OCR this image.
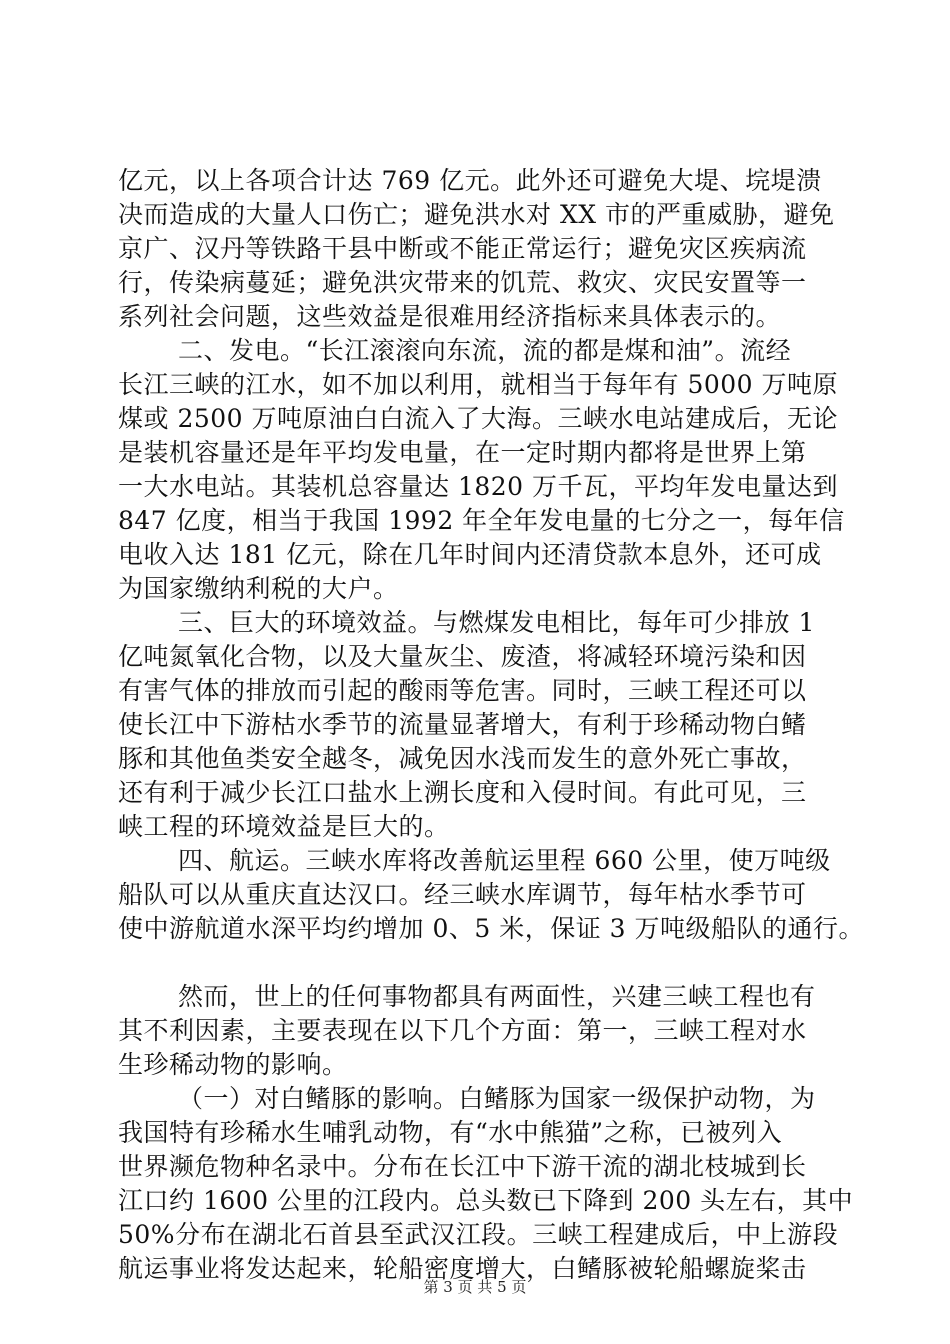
亿元，以上各项合计达 769 亿元。此外还可避免大堤、垸堤溃
决而造成的大量人口伤亡；避免洪水对 XX 市的严重威胁，避免
京广、汉丹等铁路干县中断或不能正常运行；避免灾区疾病流
行，传染病蔓延；避免洪灾带来的饥荒、救灾、灾民安置等一
系列社会问题，这些效益是很难用经济指标来具体表示的。
二、发电。“长江滚滚向东流，流的都是煤和油”。流经
长江三峡的江水，如不加以利用，就相当于每年有 5000 万吨原
煤或 2500 万吨原油白白流入了大海。三峡水电站建成后，无论
是装机容量还是年平均发电量，在一定时期内都将是世界上第
一大水电站。其装机总容量达 1820 万千瓦，平均年发电量达到
847 亿度，相当于我国 1992 年全年发电量的七分之一，每年信
电收入达 181 亿元，除在几年时间内还清贷款本息外，还可成
为国家缴纳利税的大户。
三、巨大的环境效益。与燃煤发电相比，每年可少排放 1
亿吨氮氧化合物，以及大量灰尘、废渣，将减轻环境污染和因
有害气体的排放而引起的酸雨等危害。同时，三峡工程还可以
使长江中下游枯水季节的流量显著增大，有利于珍稀动物白鳍
豚和其他鱼类安全越冬，减免因水浅而发生的意外死亡事故，
还有利于减少长江口盐水上溯长度和入侵时间。有此可见，三
峡工程的环境效益是巨大的。
四、航运。三峡水库将改善航运里程 660 公里，使万吨级
船队可以从重庆直达汉口。经三峡水库调节，每年枯水季节可
使中游航道水深平均约增加 0、5 米，保证 3 万吨级船队的通行。
然而，世上的任何事物都具有两面性，兴建三峡工程也有
其不利因素，主要表现在以下几个方面：第一，三峡工程对水
生珍稀动物的影响。
（一）对白鳍豚的影响。白鳍豚为国家一级保护动物，为
我国特有珍稀水生哺乳动物，有“水中熊猫”之称，已被列入
世界濒危物种名录中。分布在长江中下游干流的湖北枝城到长
江口约 1600 公里的江段内。总头数已下降到 200 头左右，其中
50%分布在湖北石首县至武汉江段。三峡工程建成后，中上游段
航运事业将发达起来，轮船密度增大，白鳍豚被轮船螺旋桨击
第 3 页 共 5 页
